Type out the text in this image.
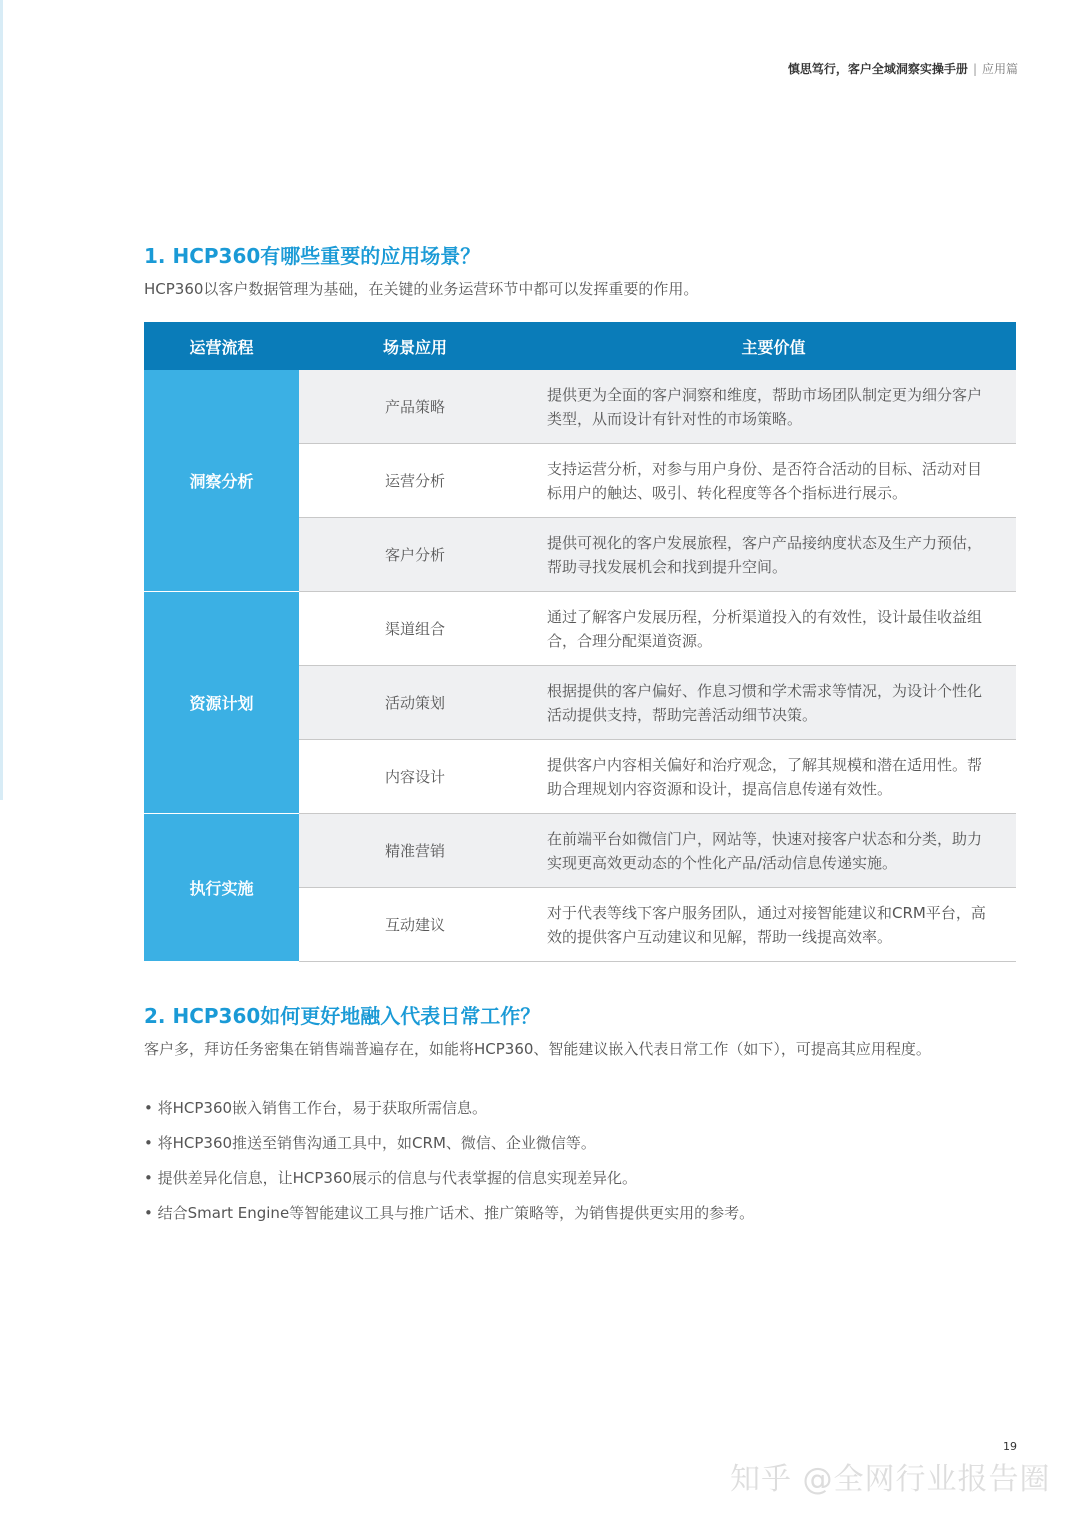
慎思笃行，客户全域洞察实操手册 | 应用篇
1. HCP360有哪些重要的应用场景？
HCP360以客户数据管理为基础，在关键的业务运营环节中都可以发挥重要的作用。
运营流程	场景应用	主要价值
洞察分析	产品策略	提供更为全面的客户洞察和维度，帮助市场团队制定更为细分客户类型，从而设计有针对性的市场策略。
	运营分析	支持运营分析，对参与用户身份、是否符合活动的目标、活动对目标用户的触达、吸引、转化程度等各个指标进行展示。
	客户分析	提供可视化的客户发展旅程，客户产品接纳度状态及生产力预估，帮助寻找发展机会和找到提升空间。
资源计划	渠道组合	通过了解客户发展历程，分析渠道投入的有效性，设计最佳收益组合，合理分配渠道资源。
	活动策划	根据提供的客户偏好、作息习惯和学术需求等情况，为设计个性化活动提供支持，帮助完善活动细节决策。
	内容设计	提供客户内容相关偏好和治疗观念，了解其规模和潜在适用性。帮助合理规划内容资源和设计，提高信息传递有效性。
执行实施	精准营销	在前端平台如微信门户，网站等，快速对接客户状态和分类，助力实现更高效更动态的个性化产品/活动信息传递实施。
	互动建议	对于代表等线下客户服务团队，通过对接智能建议和CRM平台，高效的提供客户互动建议和见解，帮助一线提高效率。
2. HCP360如何更好地融入代表日常工作？
客户多，拜访任务密集在销售端普遍存在，如能将HCP360、智能建议嵌入代表日常工作（如下），可提高其应用程度。
• 将HCP360嵌入销售工作台，易于获取所需信息。
• 将HCP360推送至销售沟通工具中，如CRM、微信、企业微信等。
• 提供差异化信息，让HCP360展示的信息与代表掌握的信息实现差异化。
• 结合Smart Engine等智能建议工具与推广话术、推广策略等，为销售提供更实用的参考。
知乎 @全网行业报告圈
19
